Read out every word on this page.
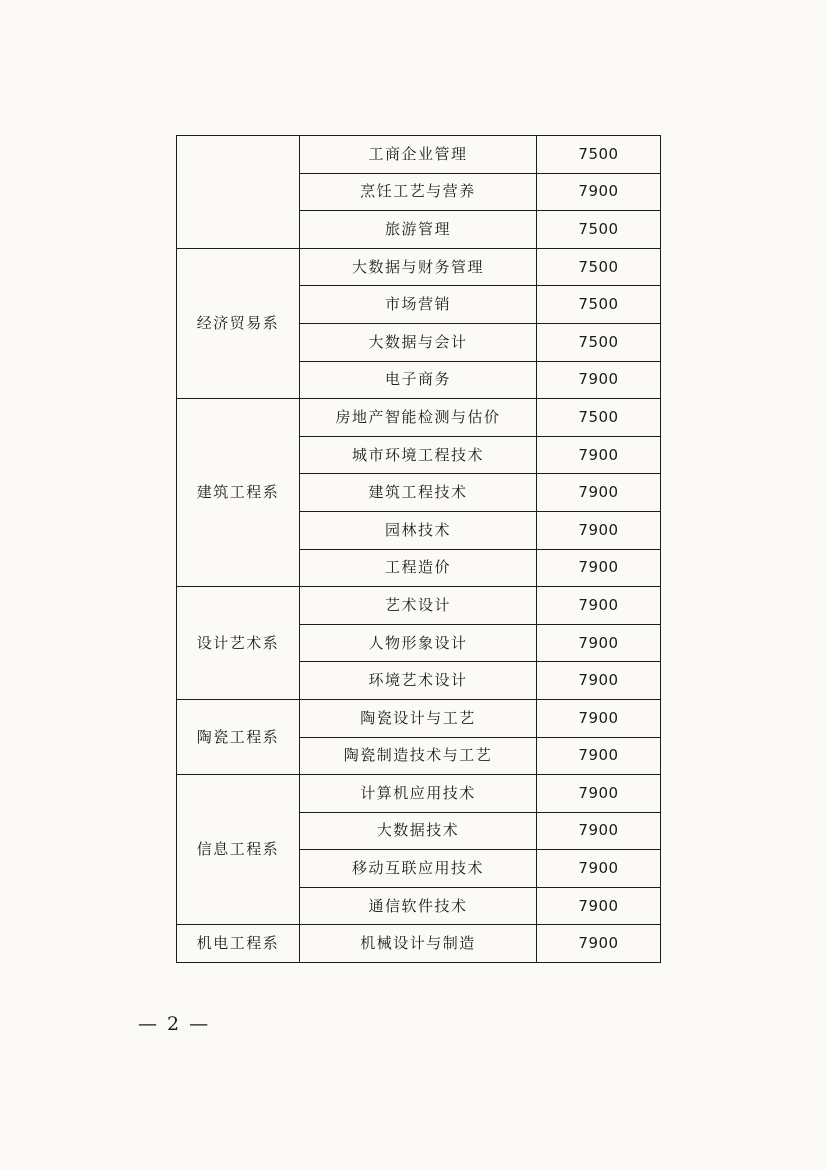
	工商企业管理	7500
	烹饪工艺与营养	7900
	旅游管理	7500
经济贸易系	大数据与财务管理	7500
	市场营销	7500
	大数据与会计	7500
	电子商务	7900
建筑工程系	房地产智能检测与估价	7500
	城市环境工程技术	7900
	建筑工程技术	7900
	园林技术	7900
	工程造价	7900
设计艺术系	艺术设计	7900
	人物形象设计	7900
	环境艺术设计	7900
陶瓷工程系	陶瓷设计与工艺	7900
	陶瓷制造技术与工艺	7900
信息工程系	计算机应用技术	7900
	大数据技术	7900
	移动互联应用技术	7900
	通信软件技术	7900
机电工程系	机械设计与制造	7900
— 2 —
